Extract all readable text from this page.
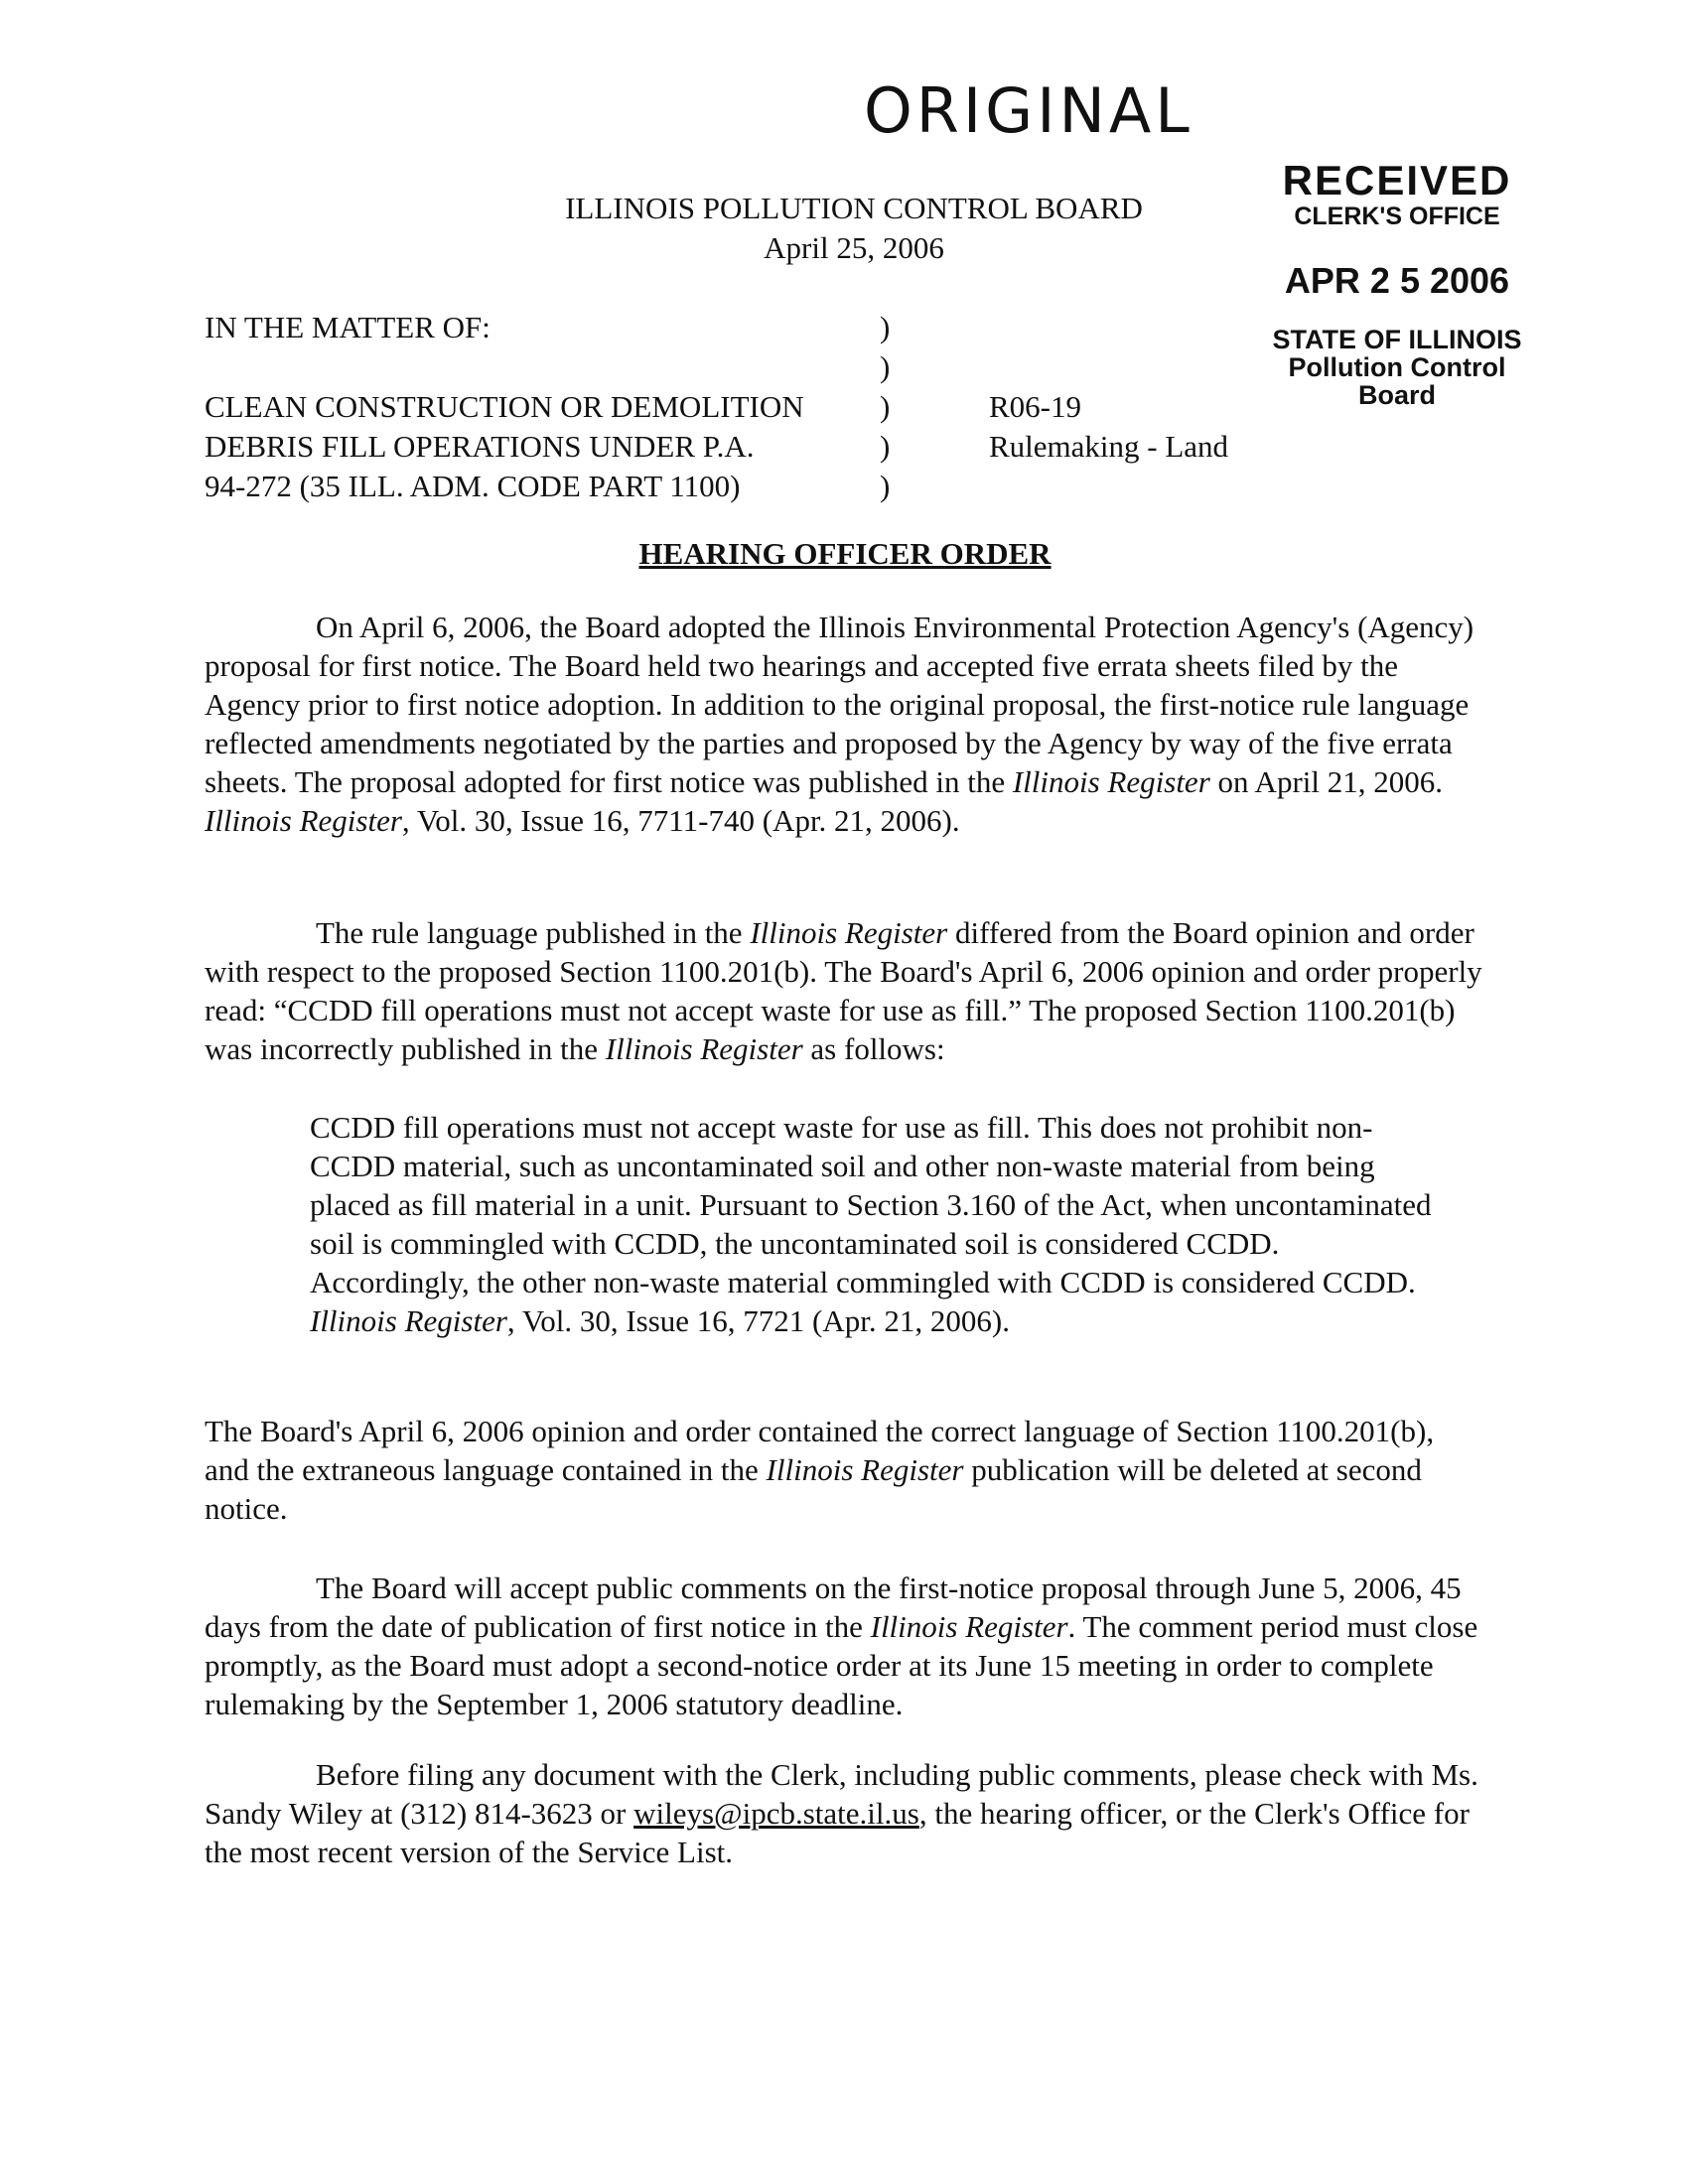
ORIGINAL
RECEIVED
CLERK'S OFFICE
APR 2 5 2006
STATE OF ILLINOIS
Pollution Control Board
ILLINOIS POLLUTION CONTROL BOARD
April 25, 2006
IN THE MATTER OF:	)
)
CLEAN CONSTRUCTION OR DEMOLITION	)	R06-19
DEBRIS FILL OPERATIONS UNDER P.A.	)	Rulemaking - Land
94-272 (35 ILL. ADM. CODE PART 1100)	)
HEARING OFFICER ORDER

On April 6, 2006, the Board adopted the Illinois Environmental Protection Agency's (Agency) proposal for first notice. The Board held two hearings and accepted five errata sheets filed by the Agency prior to first notice adoption. In addition to the original proposal, the first-notice rule language reflected amendments negotiated by the parties and proposed by the Agency by way of the five errata sheets. The proposal adopted for first notice was published in the Illinois Register on April 21, 2006. Illinois Register, Vol. 30, Issue 16, 7711-740 (Apr. 21, 2006).

The rule language published in the Illinois Register differed from the Board opinion and order with respect to the proposed Section 1100.201(b). The Board's April 6, 2006 opinion and order properly read: “CCDD fill operations must not accept waste for use as fill.” The proposed Section 1100.201(b) was incorrectly published in the Illinois Register as follows:

CCDD fill operations must not accept waste for use as fill. This does not prohibit non-CCDD material, such as uncontaminated soil and other non-waste material from being placed as fill material in a unit. Pursuant to Section 3.160 of the Act, when uncontaminated soil is commingled with CCDD, the uncontaminated soil is considered CCDD. Accordingly, the other non-waste material commingled with CCDD is considered CCDD. Illinois Register, Vol. 30, Issue 16, 7721 (Apr. 21, 2006).

The Board's April 6, 2006 opinion and order contained the correct language of Section 1100.201(b), and the extraneous language contained in the Illinois Register publication will be deleted at second notice.

The Board will accept public comments on the first-notice proposal through June 5, 2006, 45 days from the date of publication of first notice in the Illinois Register. The comment period must close promptly, as the Board must adopt a second-notice order at its June 15 meeting in order to complete rulemaking by the September 1, 2006 statutory deadline.

Before filing any document with the Clerk, including public comments, please check with Ms. Sandy Wiley at (312) 814-3623 or wileys@ipcb.state.il.us, the hearing officer, or the Clerk's Office for the most recent version of the Service List.
